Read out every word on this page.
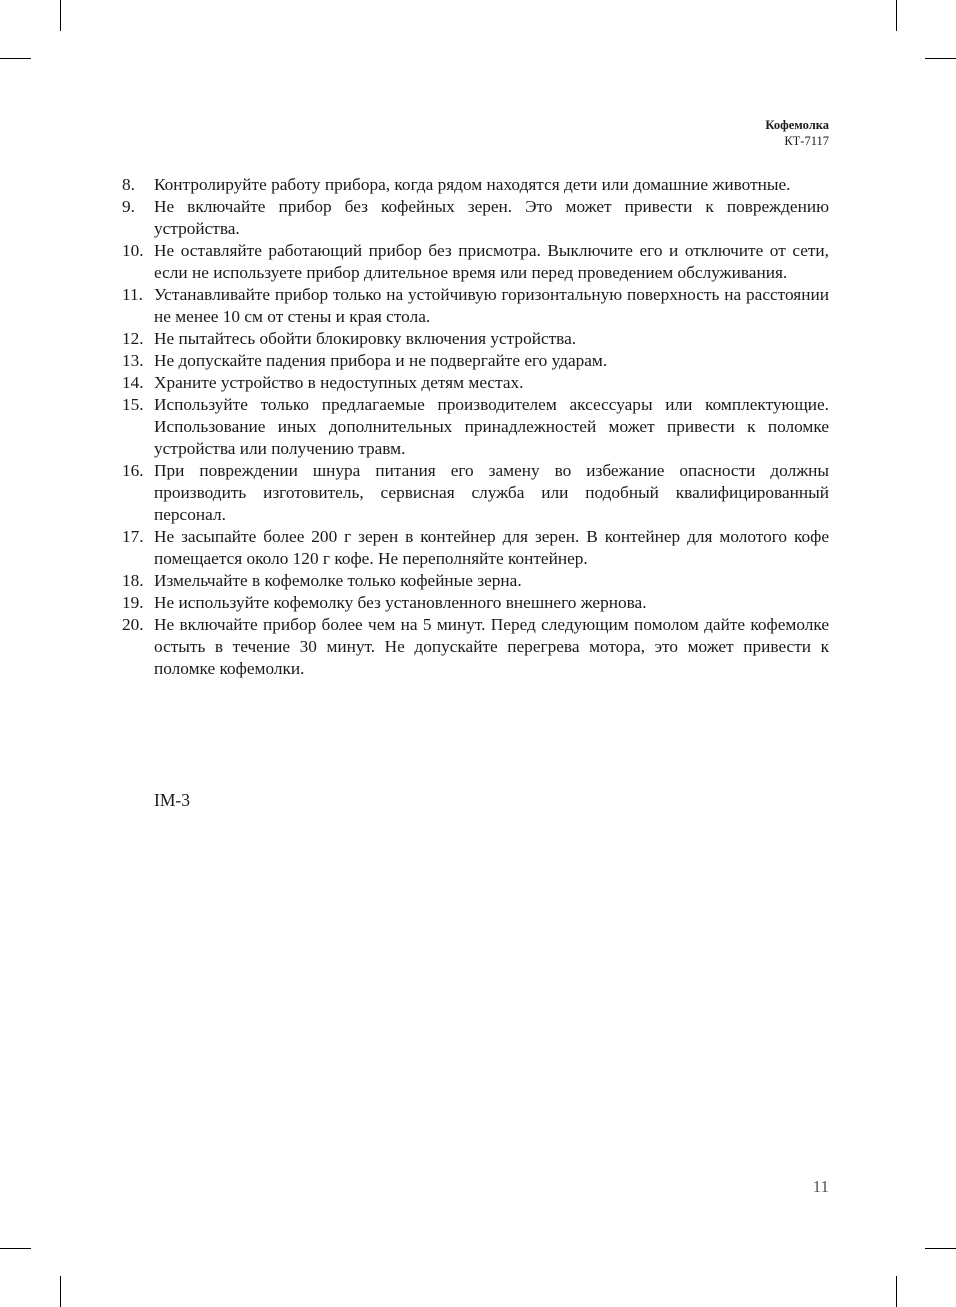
Кофемолка
КТ-7117
8.	Контролируйте работу прибора, когда рядом находятся дети или домашние животные.
9.	Не включайте прибор без кофейных зерен. Это может привести к повреждению устройства.
10. Не оставляйте работающий прибор без присмотра. Выключите его и отключите от сети, если не используете прибор длительное время или перед проведением обслуживания.
11. Устанавливайте прибор только на устойчивую горизонтальную поверхность на расстоянии не менее 10 см от стены и края стола.
12. Не пытайтесь обойти блокировку включения устройства.
13. Не допускайте падения прибора и не подвергайте его ударам.
14. Храните устройство в недоступных детям местах.
15. Используйте только предлагаемые производителем аксессуары или комплектующие. Использование иных дополнительных принадлежностей может привести к поломке устройства или получению травм.
16. При повреждении шнура питания его замену во избежание опасности должны производить изготовитель, сервисная служба или подобный квалифицированный персонал.
17. Не засыпайте более 200 г зерен в контейнер для зерен. В контейнер для молотого кофе помещается около 120 г кофе. Не переполняйте контейнер.
18. Измельчайте в кофемолке только кофейные зерна.
19. Не используйте кофемолку без установленного внешнего жернова.
20. Не включайте прибор более чем на 5 минут. Перед следующим помолом дайте кофемолке остыть в течение 30 минут. Не допускайте перегрева мотора, это может привести к поломке кофемолки.
IM-3
11
